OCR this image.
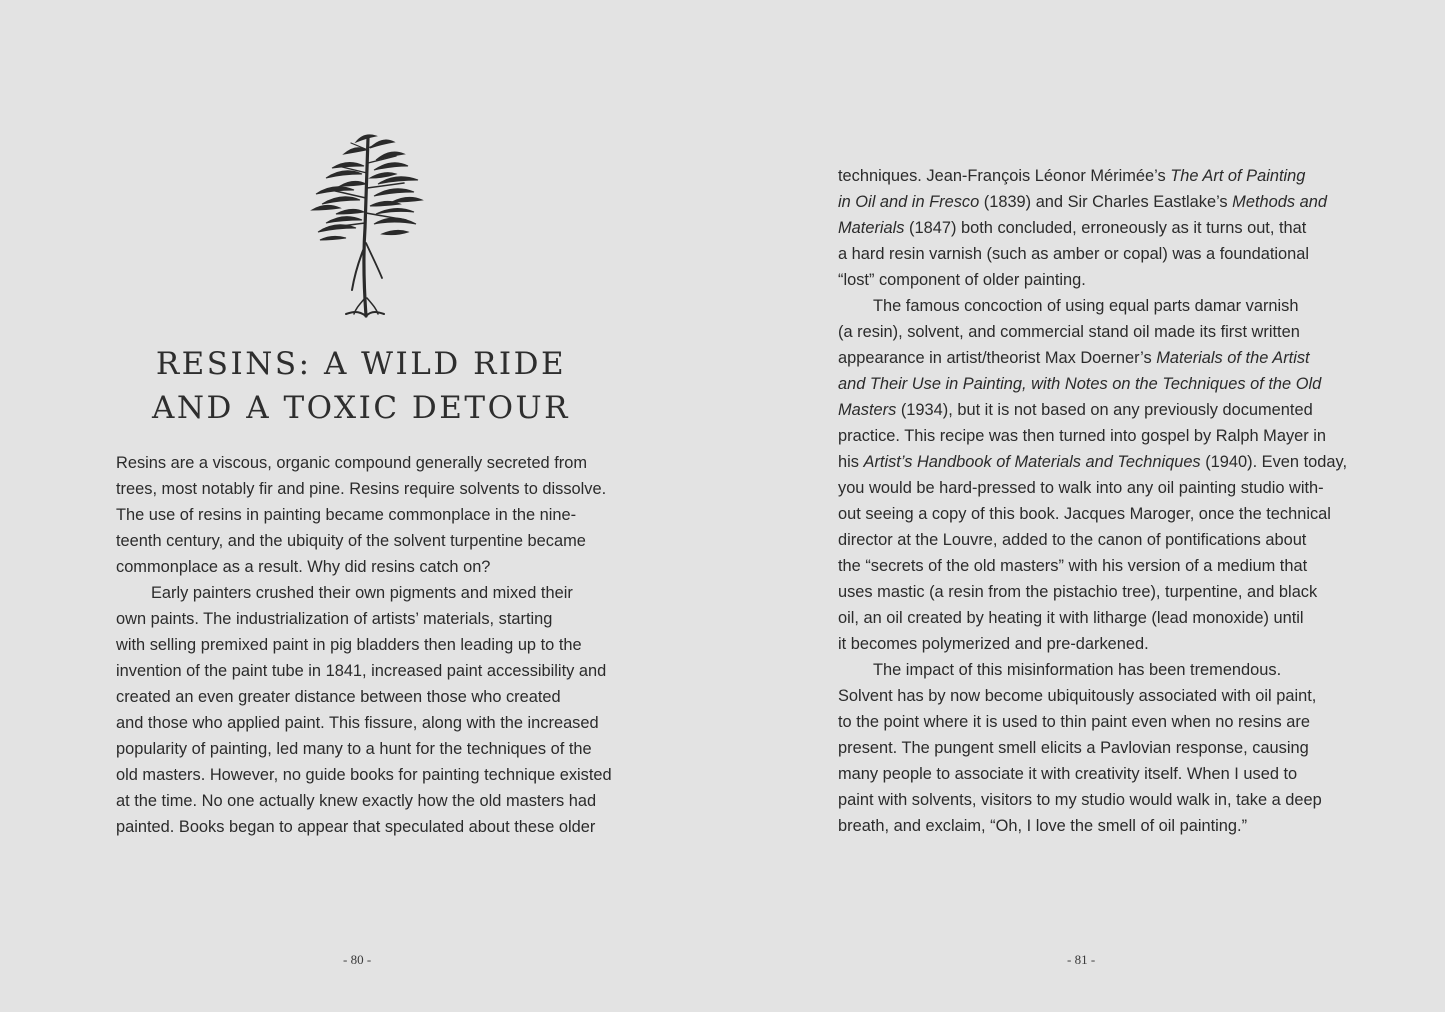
RESINS: A WILD RIDE
AND A TOXIC DETOUR
Resins are a viscous, organic compound generally secreted from
trees, most notably fir and pine. Resins require solvents to dissolve.
The use of resins in painting became commonplace in the nine-
teenth century, and the ubiquity of the solvent turpentine became
commonplace as a result. Why did resins catch on?
Early painters crushed their own pigments and mixed their
own paints. The industrialization of artists’ materials, starting
with selling premixed paint in pig bladders then leading up to the
invention of the paint tube in 1841, increased paint accessibility and
created an even greater distance between those who created
and those who applied paint. This fissure, along with the increased
popularity of painting, led many to a hunt for the techniques of the
old masters. However, no guide books for painting technique existed
at the time. No one actually knew exactly how the old masters had
painted. Books began to appear that speculated about these older
- 80 -
techniques. Jean-François Léonor Mérimée’s The Art of Painting
in Oil and in Fresco (1839) and Sir Charles Eastlake’s Methods and
Materials (1847) both concluded, erroneously as it turns out, that
a hard resin varnish (such as amber or copal) was a foundational
“lost” component of older painting.
The famous concoction of using equal parts damar varnish
(a resin), solvent, and commercial stand oil made its first written
appearance in artist/theorist Max Doerner’s Materials of the Artist
and Their Use in Painting, with Notes on the Techniques of the Old
Masters (1934), but it is not based on any previously documented
practice. This recipe was then turned into gospel by Ralph Mayer in
his Artist’s Handbook of Materials and Techniques (1940). Even today,
you would be hard-pressed to walk into any oil painting studio with-
out seeing a copy of this book. Jacques Maroger, once the technical
director at the Louvre, added to the canon of pontifications about
the “secrets of the old masters” with his version of a medium that
uses mastic (a resin from the pistachio tree), turpentine, and black
oil, an oil created by heating it with litharge (lead monoxide) until
it becomes polymerized and pre-darkened.
The impact of this misinformation has been tremendous.
Solvent has by now become ubiquitously associated with oil paint,
to the point where it is used to thin paint even when no resins are
present. The pungent smell elicits a Pavlovian response, causing
many people to associate it with creativity itself. When I used to
paint with solvents, visitors to my studio would walk in, take a deep
breath, and exclaim, “Oh, I love the smell of oil painting.”
- 81 -
